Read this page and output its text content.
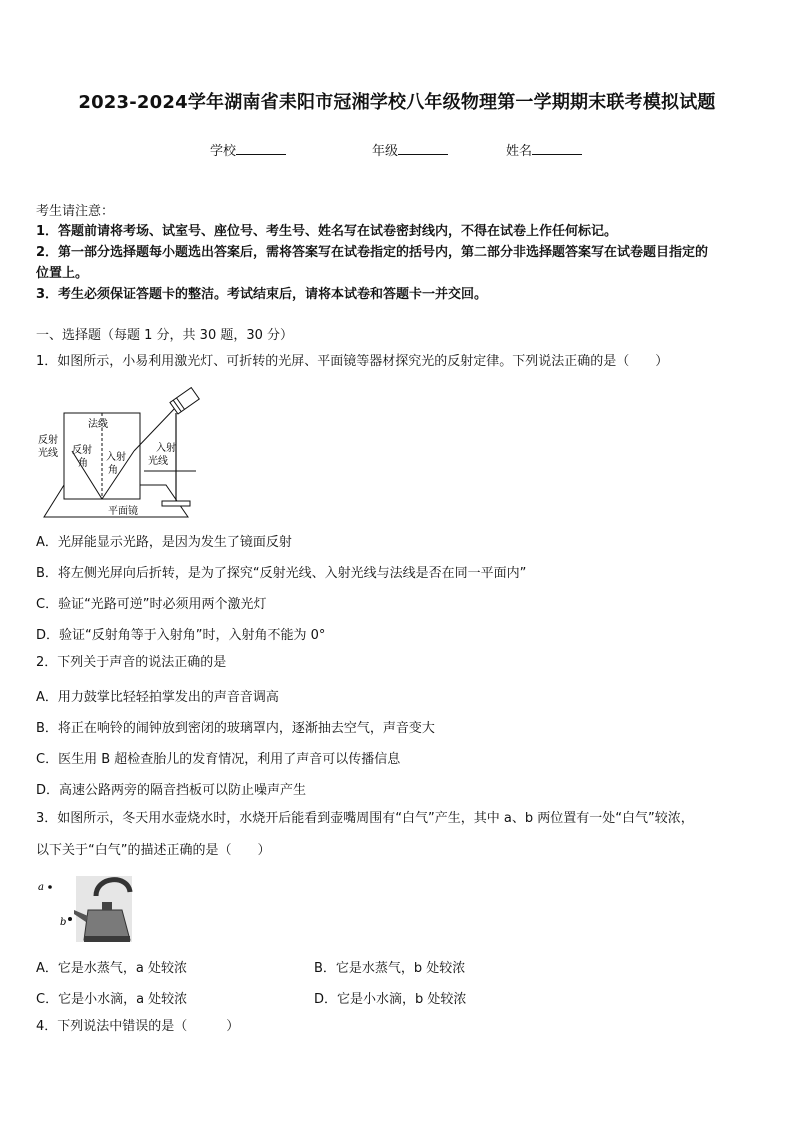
2023-2024学年湖南省耒阳市冠湘学校八年级物理第一学期期末联考模拟试题
学校	年级	姓名
考生请注意：
1．答题前请将考场、试室号、座位号、考生号、姓名写在试卷密封线内，不得在试卷上作任何标记。
2．第一部分选择题每小题选出答案后，需将答案写在试卷指定的括号内，第二部分非选择题答案写在试卷题目指定的
位置上。
3．考生必须保证答题卡的整洁。考试结束后，请将本试卷和答题卡一并交回。
一、选择题（每题 1 分，共 30 题，30 分）
1．如图所示，小易利用激光灯、可折转的光屏、平面镜等器材探究光的反射定律。下列说法正确的是（　　）
法线
反射
光线 反射
角
入射
角
入射
光线
平面镜
A．光屏能显示光路，是因为发生了镜面反射
B．将左侧光屏向后折转，是为了探究“反射光线、入射光线与法线是否在同一平面内”
C．验证“光路可逆”时必须用两个激光灯
D．验证“反射角等于入射角”时，入射角不能为 0°
2．下列关于声音的说法正确的是
A．用力鼓掌比轻轻拍掌发出的声音音调高
B．将正在响铃的闹钟放到密闭的玻璃罩内，逐渐抽去空气，声音变大
C．医生用 B 超检查胎儿的发育情况，利用了声音可以传播信息
D．高速公路两旁的隔音挡板可以防止噪声产生
3．如图所示，冬天用水壶烧水时，水烧开后能看到壶嘴周围有“白气”产生，其中 a、b 两位置有一处“白气”较浓，
以下关于“白气”的描述正确的是（　　）
a
b
A．它是水蒸气，a 处较浓	B．它是水蒸气，b 处较浓
C．它是小水滴，a 处较浓	D．它是小水滴，b 处较浓
4．下列说法中错误的是（　　　）
